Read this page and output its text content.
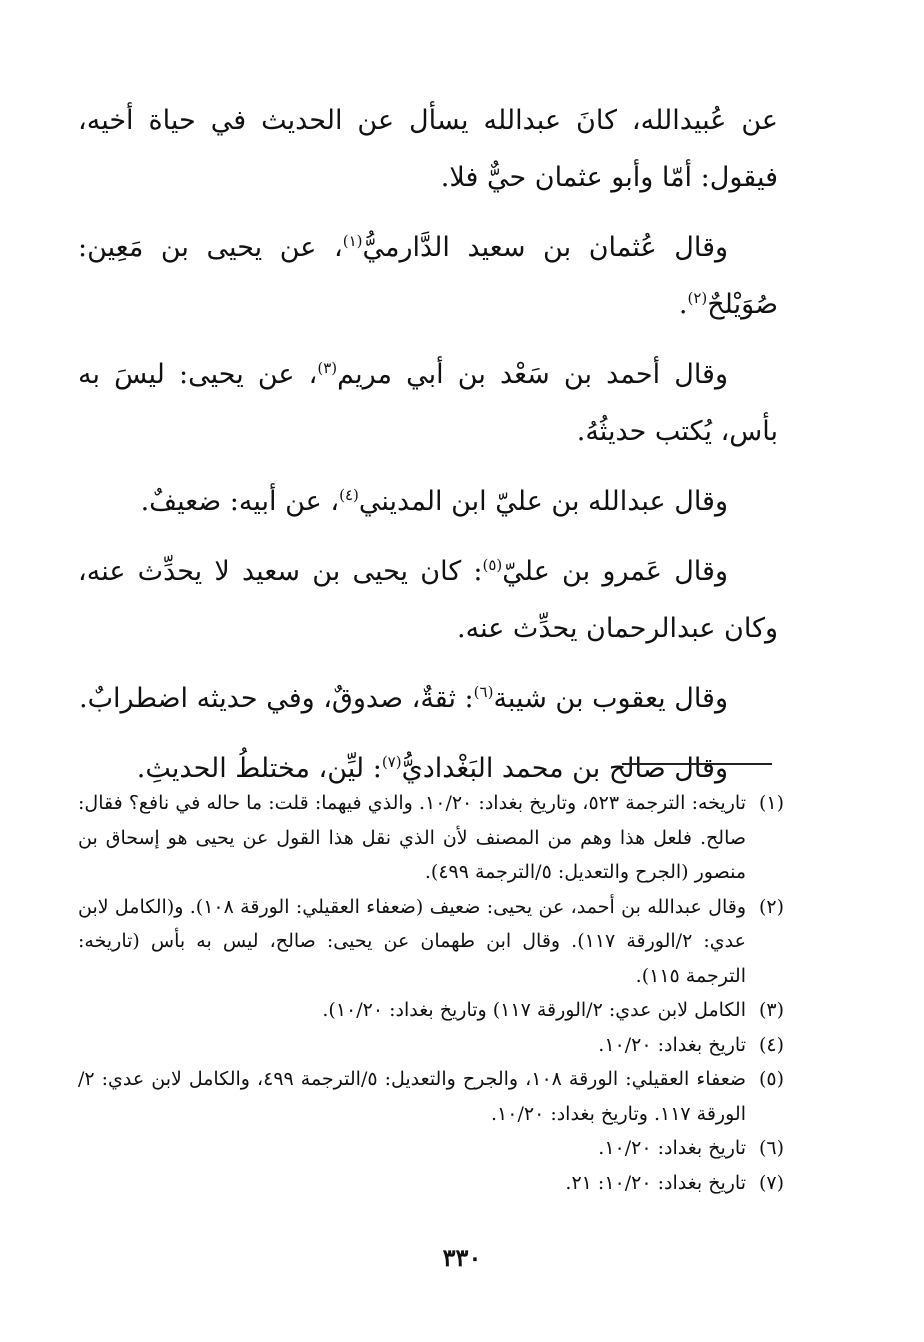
عن عُبيدالله، كانَ عبدالله يسأل عن الحديث في حياة أخيه، فيقول: أمّا وأبو عثمان حيٌّ فلا.

وقال عُثمان بن سعيد الدَّارميُّ$^{(١)}$، عن يحيى بن مَعِين: صُوَيْلحٌ$^{(٢)}$.

وقال أحمد بن سَعْد بن أبي مريم$^{(٣)}$، عن يحيى: ليسَ به بأس، يُكتب حديثُهُ.

وقال عبدالله بن عليّ ابن المديني$^{(٤)}$، عن أبيه: ضعيفٌ.

وقال عَمرو بن عليّ$^{(٥)}$: كان يحيى بن سعيد لا يحدِّث عنه، وكان عبدالرحمان يحدِّث عنه.

وقال يعقوب بن شيبة$^{(٦)}$: ثقةٌ، صدوقٌ، وفي حديثه اضطرابٌ.

وقال صالح بن محمد البَغْداديُّ$^{(٧)}$: ليِّن، مختلطُ الحديثِ.

(١)
تاريخه: الترجمة ٥٢٣، وتاريخ بغداد: ١٠/٢٠. والذي فيهما: قلت: ما حاله في نافع؟ فقال: صالح. فلعل هذا وهم من المصنف لأن الذي نقل هذا القول عن يحيى هو إسحاق بن منصور (الجرح والتعديل: ٥/الترجمة ٤٩٩).
(٢)
وقال عبدالله بن أحمد، عن يحيى: ضعيف (ضعفاء العقيلي: الورقة ١٠٨). و(الكامل لابن عدي: ٢/الورقة ١١٧). وقال ابن طهمان عن يحيى: صالح، ليس به بأس (تاريخه: الترجمة ١١٥).
(٣)
الكامل لابن عدي: ٢/الورقة ١١٧) وتاريخ بغداد: ١٠/٢٠).
(٤)
تاريخ بغداد: ١٠/٢٠.
(٥)
ضعفاء العقيلي: الورقة ١٠٨، والجرح والتعديل: ٥/الترجمة ٤٩٩، والكامل لابن عدي: ٢/الورقة ١١٧. وتاريخ بغداد: ١٠/٢٠.
(٦)
تاريخ بغداد: ١٠/٢٠.
(٧)
تاريخ بغداد: ١٠/٢٠: ٢١.
٣٣٠
